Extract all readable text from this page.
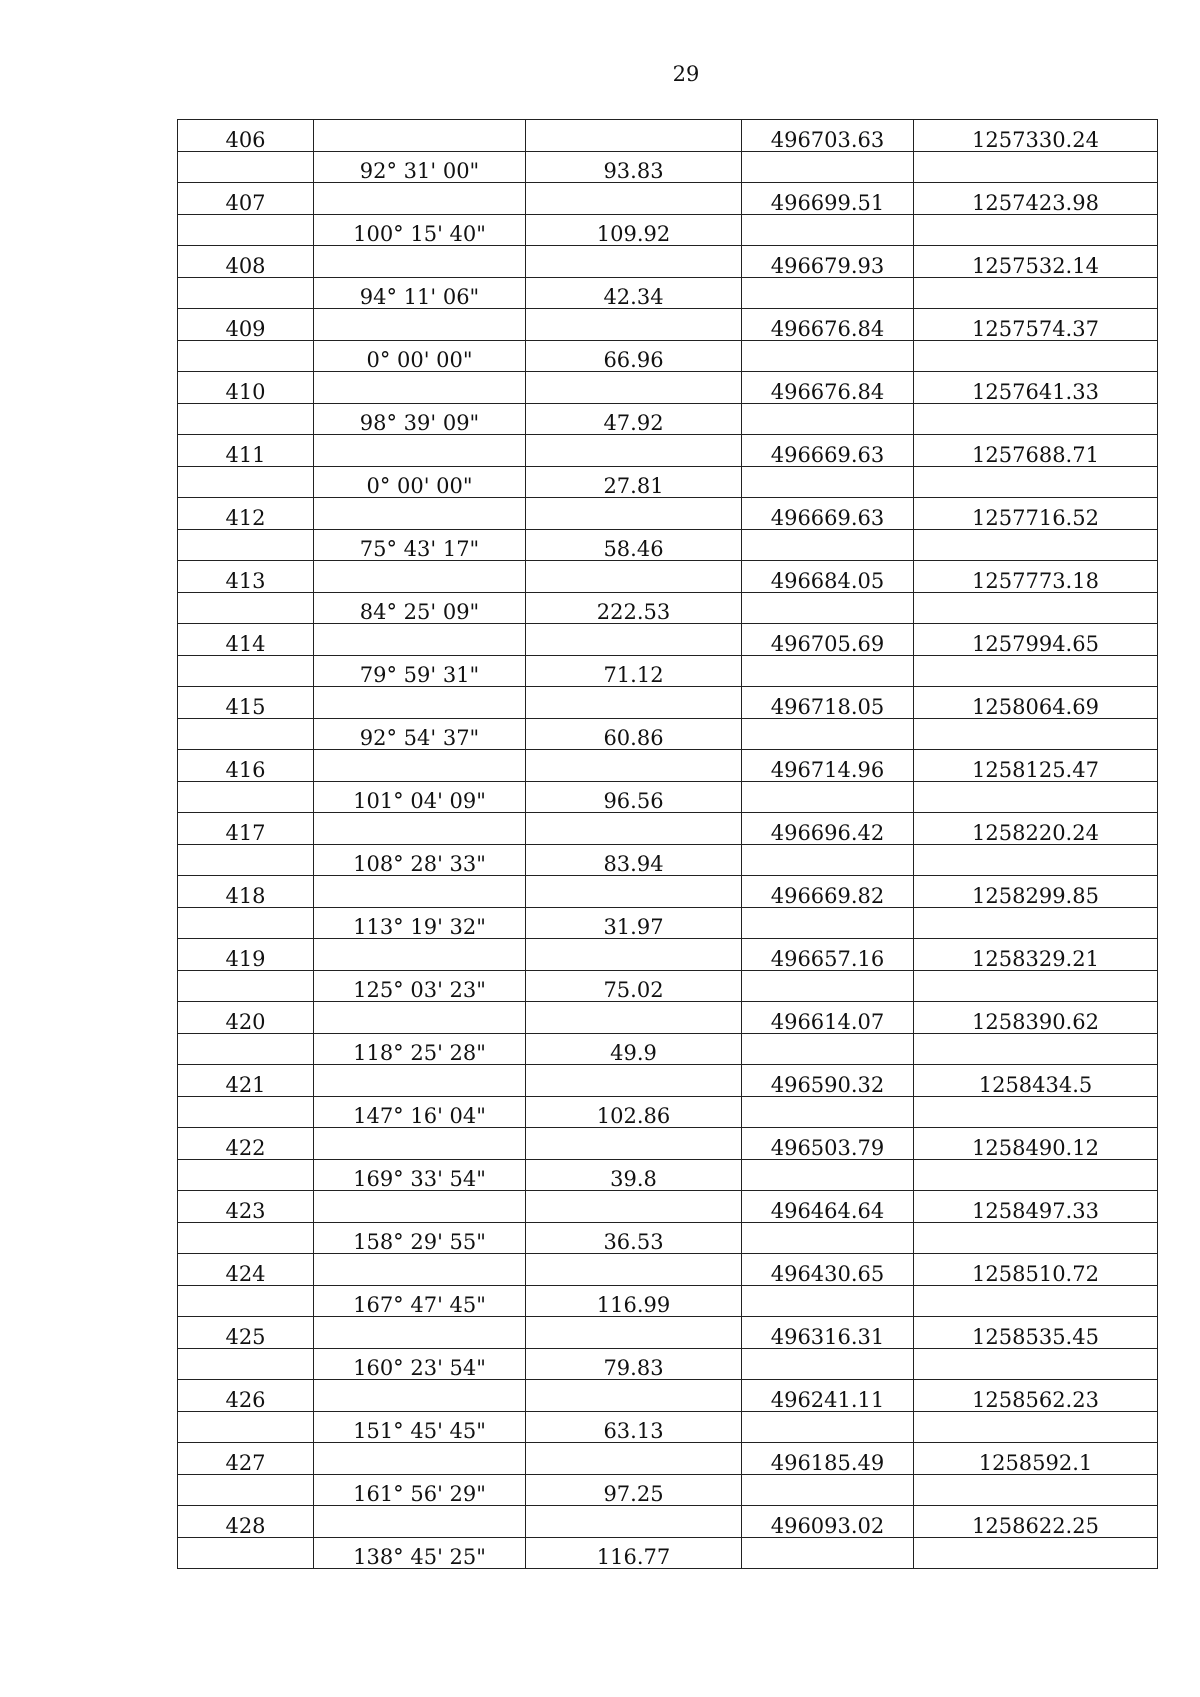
29
406			496703.63	1257330.24
	92° 31' 00"	93.83		
407			496699.51	1257423.98
	100° 15' 40"	109.92		
408			496679.93	1257532.14
	94° 11' 06"	42.34		
409			496676.84	1257574.37
	0° 00' 00"	66.96		
410			496676.84	1257641.33
	98° 39' 09"	47.92		
411			496669.63	1257688.71
	0° 00' 00"	27.81		
412			496669.63	1257716.52
	75° 43' 17"	58.46		
413			496684.05	1257773.18
	84° 25' 09"	222.53		
414			496705.69	1257994.65
	79° 59' 31"	71.12		
415			496718.05	1258064.69
	92° 54' 37"	60.86		
416			496714.96	1258125.47
	101° 04' 09"	96.56		
417			496696.42	1258220.24
	108° 28' 33"	83.94		
418			496669.82	1258299.85
	113° 19' 32"	31.97		
419			496657.16	1258329.21
	125° 03' 23"	75.02		
420			496614.07	1258390.62
	118° 25' 28"	49.9		
421			496590.32	1258434.5
	147° 16' 04"	102.86		
422			496503.79	1258490.12
	169° 33' 54"	39.8		
423			496464.64	1258497.33
	158° 29' 55"	36.53		
424			496430.65	1258510.72
	167° 47' 45"	116.99		
425			496316.31	1258535.45
	160° 23' 54"	79.83		
426			496241.11	1258562.23
	151° 45' 45"	63.13		
427			496185.49	1258592.1
	161° 56' 29"	97.25		
428			496093.02	1258622.25
	138° 45' 25"	116.77		
